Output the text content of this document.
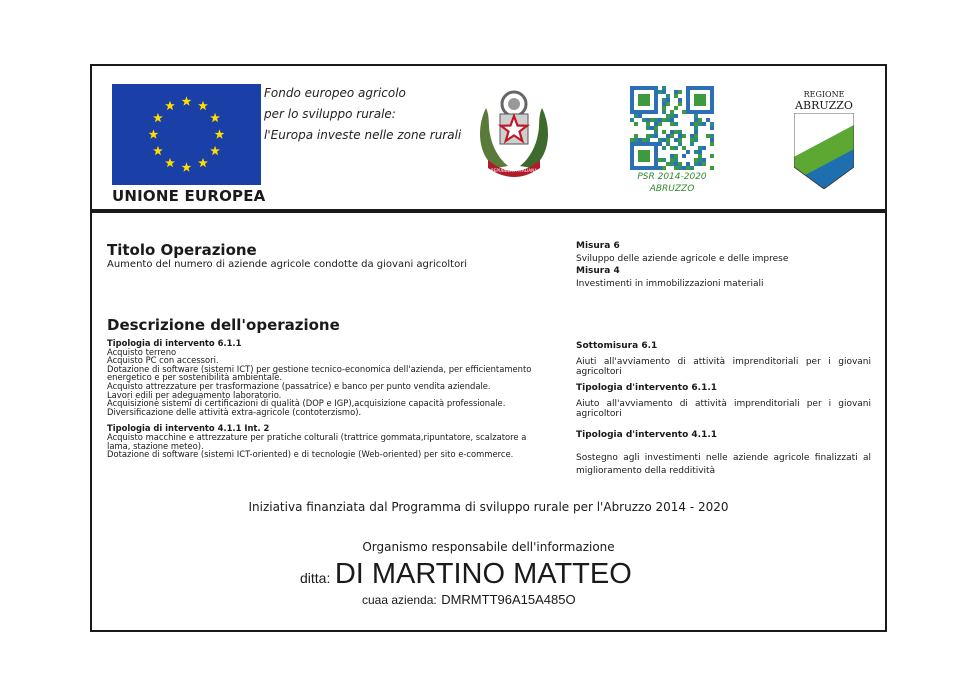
UNIONE EUROPEA
Fondo europeo agricolo
per lo sviluppo rurale:
l'Europa investe nelle zone rurali
REPUBBLICA ITALIANA
PSR 2014-2020
ABRUZZO
REGIONE
ABRUZZO
Titolo Operazione
Aumento del numero di aziende agricole condotte da giovani agricoltori
Descrizione dell'operazione
Tipologia di intervento 6.1.1
Acquisto terreno
Acquisto PC con accessori.
Dotazione di software (sistemi ICT) per gestione tecnico-economica dell'azienda, per efficientamento
energetico e per sostenibilità ambientale.
Acquisto attrezzature per trasformazione (passatrice) e banco per punto vendita aziendale.
Lavori edili per adeguamento laboratorio.
Acquisizione sistemi di certificazioni di qualità (DOP e IGP),acquisizione capacità professionale.
Diversificazione delle attività extra-agricole (contoterzismo).
Tipologia di intervento 4.1.1 Int. 2
Acquisto macchine e attrezzature per pratiche colturali (trattrice gommata,ripuntatore, scalzatore a
lama, stazione meteo).
Dotazione di software (sistemi ICT-oriented) e di tecnologie (Web-oriented) per sito e-commerce.
Misura 6
Sviluppo delle aziende agricole e delle imprese
Misura 4
Investimenti in immobilizzazioni materiali
Sottomisura 6.1
Aiuti all'avviamento di attività imprenditoriali per i giovani agricoltori
Tipologia d'intervento 6.1.1
Aiuto all'avviamento di attività imprenditoriali per i giovani agricoltori
Tipologia d'intervento 4.1.1
Sostegno agli investimenti nelle aziende agricole finalizzati al miglioramento della redditività
Iniziativa finanziata dal Programma di sviluppo rurale per l'Abruzzo 2014 - 2020
Organismo responsabile dell'informazione
ditta: DI MARTINO MATTEO
cuaa azienda: DMRMTT96A15A485O
